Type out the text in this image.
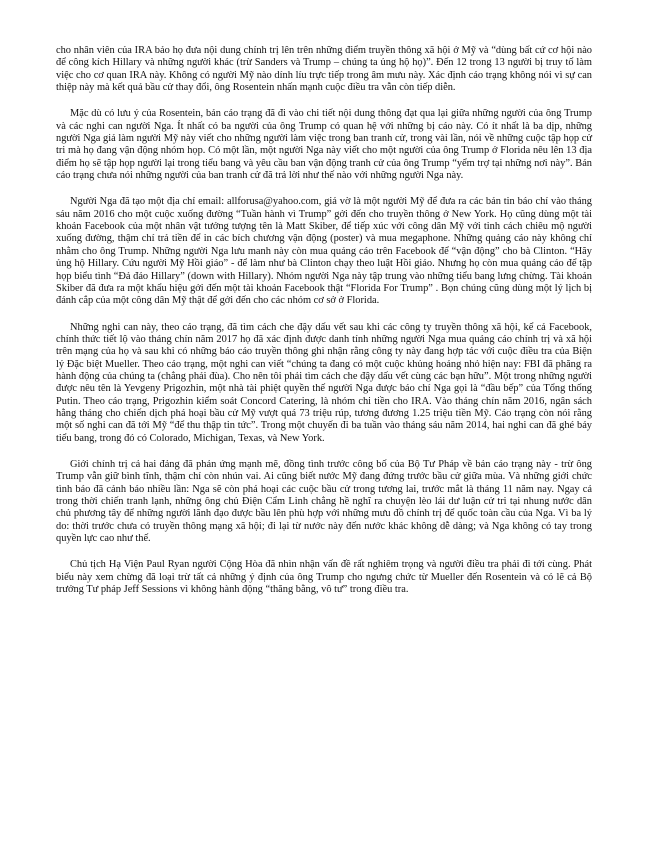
cho nhân viên của IRA bảo họ đưa nội dung chính trị lên trên những điểm truyền thông xã hội ở Mỹ và “dùng bất cứ cơ hội nào để công kích Hillary và những người khác (trừ Sanders và Trump – chúng ta ủng hộ họ)”. Đến 12 trong 13 người bị truy tố làm việc cho cơ quan IRA này. Không có người Mỹ nào dính líu trực tiếp trong âm mưu này. Xác định cáo trạng không nói vì sự can thiệp này mà kết quả bầu cử thay đổi, ông Rosentein nhấn mạnh cuộc điều tra vẫn còn tiếp diễn.

Mặc dù có lưu ý của Rosentein, bản cáo trạng đã đi vào chi tiết nội dung thông đạt qua lại giữa những người của ông Trump và các nghi can người Nga. Ít nhất có ba người của ông Trump có quan hệ với những bị cáo này. Có ít nhất là ba dịp, những người Nga giả làm người Mỹ này viết cho những người làm việc trong ban tranh cử, trong vài lần, nói về những cuộc tập họp cử tri mà họ đang vận động nhóm họp. Có một lần, một người Nga này viết cho một người của ông Trump ở Florida nêu lên 13 địa điểm họ sẽ tập họp người lại trong tiểu bang và yêu cầu ban vận động tranh cử của ông Trump “yểm trợ tại những nơi này”. Bản cáo trạng chưa nói những người của ban tranh cử đã trả lời như thế nào với những người Nga này.

Người Nga đã tạo một địa chỉ email: allforusa@yahoo.com, giả vờ là một người Mỹ để đưa ra các bản tin báo chí vào tháng sáu năm 2016 cho một cuộc xuống đường “Tuần hành vì Trump” gởi đến cho truyền thông ở New York. Họ cũng dùng một tài khoản Facebook của một nhân vật tưởng tượng tên là Matt Skiber, để tiếp xúc với công dân Mỹ với tinh cách chiêu mộ người xuống đường, thậm chí trả tiền để in các bích chương vận động (poster) và mua megaphone. Những quảng cáo này không chỉ nhằm cho ông Trump. Những người Nga lưu manh này còn mua quảng cáo trên Facebook để “vận động” cho bà Clinton. “Hãy ủng hộ Hillary. Cứu người Mỹ Hồi giáo” - để làm như bà Clinton chạy theo luật Hồi giáo. Nhưng họ còn mua quảng cáo để tập họp biểu tình “Đả đảo Hillary” (down with Hillary). Nhóm người Nga này tập trung vào những tiểu bang lưng chừng. Tài khoản Skiber đã đưa ra một khẩu hiệu gởi đến một tài khoản Facebook thật “Florida For Trump” . Bọn chúng cũng dùng một lý lịch bị đánh cắp của một công dân Mỹ thật để gởi đến cho các nhóm cơ sở ở Florida.

Những nghi can này, theo cáo trạng, đã tìm cách che đậy dấu vết sau khi các công ty truyền thông xã hội, kể cả Facebook, chính thức tiết lộ vào tháng chín năm 2017 họ đã xác định được danh tính những người Nga mua quảng cáo chính trị và xã hội trên mạng của họ và sau khi có những báo cáo truyền thông ghi nhận rằng công ty này đang hợp tác với cuộc điều tra của Biện lý Đặc biệt Mueller. Theo cáo trạng, một nghi can viết “chúng ta đang có một cuộc khủng hoảng nhỏ hiện nay: FBI đã phăng ra hành động của chúng ta (chẳng phải đùa). Cho nên tôi phải tìm cách che đậy dấu vết cùng các bạn hữu”. Một trong những người được nêu tên là Yevgeny Prigozhin, một nhà tài phiệt quyền thế người Nga được báo chí Nga gọi là “đầu bếp” của Tổng thống Putin. Theo cáo trạng, Prigozhin kiểm soát Concord Catering, là nhóm chi tiền cho IRA. Vào tháng chín năm 2016, ngân sách hằng tháng cho chiến dịch phá hoại bầu cử Mỹ vượt quá 73 triệu rúp, tương đương 1.25 triệu tiền Mỹ. Cáo trạng còn nói rằng một số nghi can đã tới Mỹ “để thu thập tin tức”. Trong một chuyến đi ba tuần vào tháng sáu năm 2014, hai nghi can đã ghé bảy tiểu bang, trong đó có Colorado, Michigan, Texas, và New York.

Giới chính trị cả hai đảng đã phản ứng mạnh mẽ, đồng tình trước công bố của Bộ Tư Pháp về bản cáo trạng này - trừ ông Trump vẫn giữ bình tĩnh, thậm chí còn nhún vai. Ai cũng biết nước Mỹ đang đứng trước bầu cử giữa mùa. Và những giới chức tình báo đã cảnh báo nhiều lần: Nga sẽ còn phá hoại các cuộc bầu cử trong tương lai, trước mắt là tháng 11 năm nay. Ngay cả trong thời chiến tranh lạnh, những ông chủ Điện Cẩm Linh chẳng hề nghĩ ra chuyện lèo lái dư luận cử tri tại nhung nước dân chủ phương tây để những người lãnh đạo được bầu lên phù hợp với những mưu đồ chính trị để quốc toàn cầu của Nga. Vì ba lý do: thời trước chưa có truyền thông mạng xã hội; đi lại từ nước này đến nước khác không dễ dàng; và Nga không có tay trong quyền lực cao như thế.

Chủ tịch Hạ Viện Paul Ryan người Cộng Hòa đã nhìn nhận vấn đề rất nghiêm trọng và người điều tra phải đi tới cùng. Phát biểu này xem chừng đã loại trừ tất cả những ý định của ông Trump cho ngưng chức từ Mueller đến Rosentein và có lẽ cả Bộ trưởng Tư pháp Jeff Sessions vì không hành động “thăng bằng, vô tư” trong điều tra.
